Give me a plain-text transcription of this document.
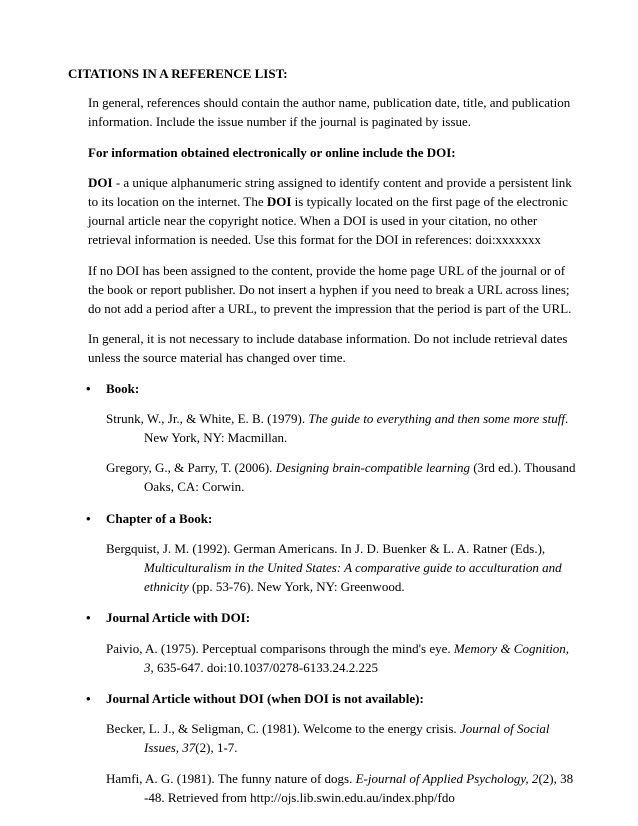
CITATIONS IN A REFERENCE LIST:

In general, references should contain the author name, publication date, title, and publication information. Include the issue number if the journal is paginated by issue.

For information obtained electronically or online include the DOI:

DOI - a unique alphanumeric string assigned to identify content and provide a persistent link to its location on the internet. The DOI is typically located on the first page of the electronic journal article near the copyright notice. When a DOI is used in your citation, no other retrieval information is needed. Use this format for the DOI in references: doi:xxxxxxx

If no DOI has been assigned to the content, provide the home page URL of the journal or of the book or report publisher. Do not insert a hyphen if you need to break a URL across lines; do not add a period after a URL, to prevent the impression that the period is part of the URL.

In general, it is not necessary to include database information. Do not include retrieval dates unless the source material has changed over time.

• Book:
Strunk, W., Jr., & White, E. B. (1979). The guide to everything and then some more stuff. New York, NY: Macmillan.
Gregory, G., & Parry, T. (2006). Designing brain-compatible learning (3rd ed.). Thousand Oaks, CA: Corwin.
• Chapter of a Book:
Bergquist, J. M. (1992). German Americans. In J. D. Buenker & L. A. Ratner (Eds.), Multiculturalism in the United States: A comparative guide to acculturation and ethnicity (pp. 53-76). New York, NY: Greenwood.
• Journal Article with DOI:
Paivio, A. (1975). Perceptual comparisons through the mind's eye. Memory & Cognition, 3, 635-647. doi:10.1037/0278-6133.24.2.225
• Journal Article without DOI (when DOI is not available):
Becker, L. J., & Seligman, C. (1981). Welcome to the energy crisis. Journal of Social Issues, 37(2), 1-7.
Hamfi, A. G. (1981). The funny nature of dogs. E-journal of Applied Psychology, 2(2), 38 -48. Retrieved from http://ojs.lib.swin.edu.au/index.php/fdo
